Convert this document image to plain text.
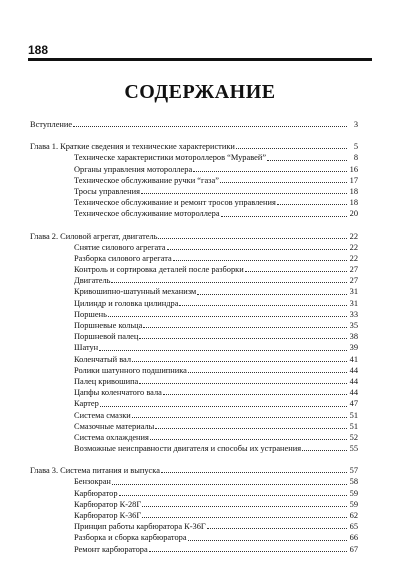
188
СОДЕРЖАНИЕ
Вступление	3
Глава 1. Краткие сведения и технические характеристики	5
Техническе характеристики мотороллеров “Муравей”	8
Органы управления мотороллера	16
Техническое обслуживание ручки “газа”	17
Тросы управления	18
Техническое обслуживание и ремонт тросов управления	18
Техническое обслуживание мотороллера	20
Глава 2. Силовой агрегат, двигатель	22
Снятие силового агрегата	22
Разборка силового агрегата	22
Контроль и сортировка деталей после разборки	27
Двигатель	27
Кривошипно-шатунный механизм	31
Цилиндр и головка цилиндра	31
Поршень	33
Поршневые кольца	35
Поршневой палец	38
Шатун	39
Коленчатый вал	41
Ролики шатунного подшипника	44
Палец кривошипа	44
Цапфы коленчатого вала	44
Картер	47
Система смазки	51
Смазочные материалы	51
Система охлаждения	52
Возможные неисправности двигателя и способы их устранения	55
Глава 3. Система питания и выпуска	57
Бензокран	58
Карбюратор	59
Карбюратор К-28Г	59
Карбюратор К-36Г	62
Принцип работы карбюратора К-36Г	65
Разборка и сборка карбюратора	66
Ремонт карбюратора	67
